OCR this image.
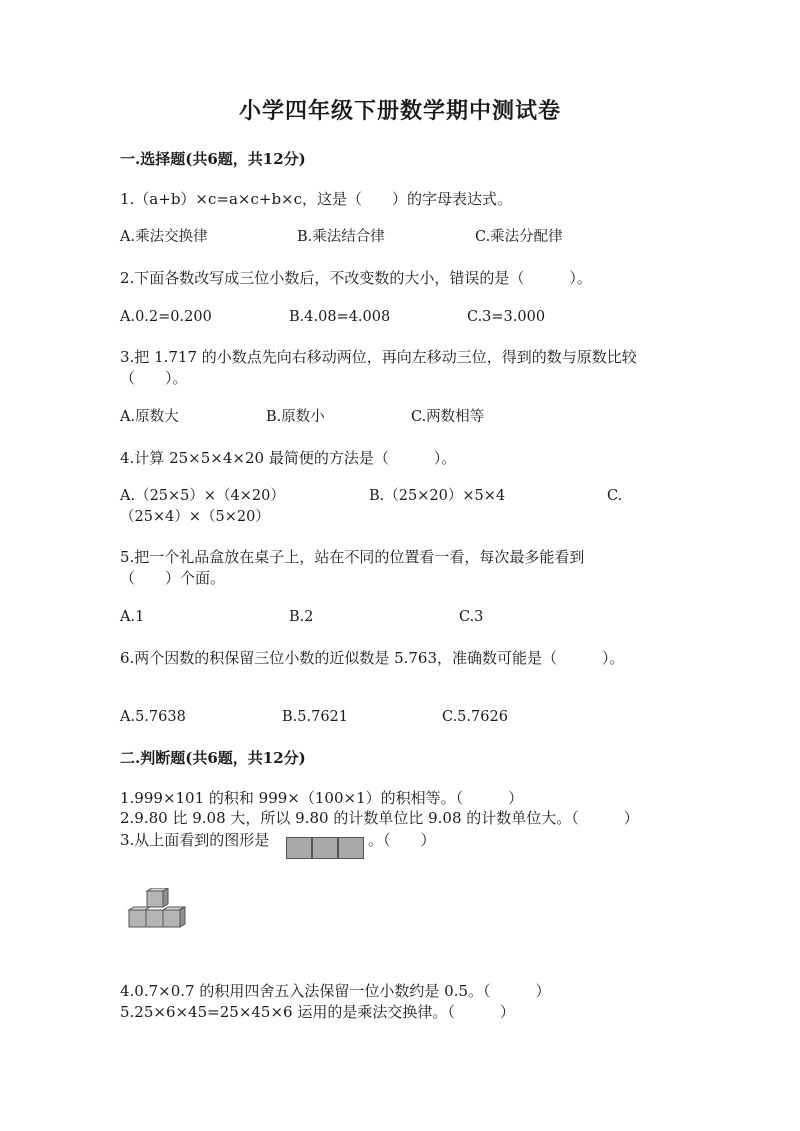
小学四年级下册数学期中测试卷
一.选择题(共6题，共12分)
1.（a+b）×c=a×c+b×c，这是（　　）的字母表达式。
A.乘法交换律	B.乘法结合律	C.乘法分配律
2.下面各数改写成三位小数后，不改变数的大小，错误的是（　　　）。
A.0.2=0.200	B.4.08=4.008	C.3=3.000
3.把 1.717 的小数点先向右移动两位，再向左移动三位，得到的数与原数比较
（　　）。
A.原数大	B.原数小	C.两数相等
4.计算 25×5×4×20 最简便的方法是（　　　）。
A.（25×5）×（4×20）	B.（25×20）×5×4	C.
（25×4）×（5×20）
5.把一个礼品盒放在桌子上，站在不同的位置看一看，每次最多能看到
（　　）个面。
A.1	B.2	C.3
6.两个因数的积保留三位小数的近似数是 5.763，准确数可能是（　　　）。
A.5.7638	B.5.7621	C.5.7626
二.判断题(共6题，共12分)
1.999×101 的积和 999×（100×1）的积相等。（　　　）
2.9.80 比 9.08 大，所以 9.80 的计数单位比 9.08 的计数单位大。（　　　）
3.从上面看到的图形是	。（　　）
4.0.7×0.7 的积用四舍五入法保留一位小数约是 0.5。（　　　）
5.25×6×45=25×45×6 运用的是乘法交换律。（　　　）
